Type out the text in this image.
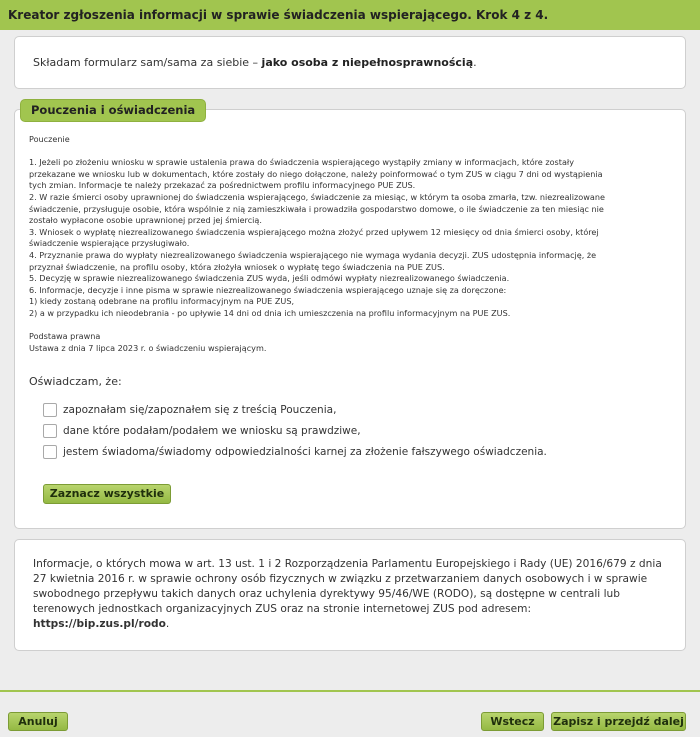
Kreator zgłoszenia informacji w sprawie świadczenia wspierającego. Krok 4 z 4.
Składam formularz sam/sama za siebie – jako osoba z niepełnosprawnością.
Pouczenia i oświadczenia

Pouczenie

1. Jeżeli po złożeniu wniosku w sprawie ustalenia prawa do świadczenia wspierającego wystąpiły zmiany w informacjach, które zostały

przekazane we wniosku lub w dokumentach, które zostały do niego dołączone, należy poinformować o tym ZUS w ciągu 7 dni od wystąpienia

tych zmian. Informacje te należy przekazać za pośrednictwem profilu informacyjnego PUE ZUS.

2. W razie śmierci osoby uprawnionej do świadczenia wspierającego, świadczenie za miesiąc, w którym ta osoba zmarła, tzw. niezrealizowane

świadczenie, przysługuje osobie, która wspólnie z nią zamieszkiwała i prowadziła gospodarstwo domowe, o ile świadczenie za ten miesiąc nie

zostało wypłacone osobie uprawnionej przed jej śmiercią.

3. Wniosek o wypłatę niezrealizowanego świadczenia wspierającego można złożyć przed upływem 12 miesięcy od dnia śmierci osoby, której

świadczenie wspierające przysługiwało.

4. Przyznanie prawa do wypłaty niezrealizowanego świadczenia wspierającego nie wymaga wydania decyzji. ZUS udostępnia informację, że

przyznał świadczenie, na profilu osoby, która złożyła wniosek o wypłatę tego świadczenia na PUE ZUS.

5. Decyzję w sprawie niezrealizowanego świadczenia ZUS wyda, jeśli odmówi wypłaty niezrealizowanego świadczenia.

6. Informacje, decyzje i inne pisma w sprawie niezrealizowanego świadczenia wspierającego uznaje się za doręczone:

1) kiedy zostaną odebrane na profilu informacyjnym na PUE ZUS,

2) a w przypadku ich nieodebrania - po upływie 14 dni od dnia ich umieszczenia na profilu informacyjnym na PUE ZUS.

Podstawa prawna

Ustawa z dnia 7 lipca 2023 r. o świadczeniu wspierającym.

Oświadczam, że:
zapoznałam się/zapoznałem się z treścią Pouczenia,
dane które podałam/podałem we wniosku są prawdziwe,
jestem świadoma/świadomy odpowiedzialności karnej za złożenie fałszywego oświadczenia.
Zaznacz wszystkie
Informacje, o których mowa w art. 13 ust. 1 i 2 Rozporządzenia Parlamentu Europejskiego i Rady (UE) 2016/679 z dnia 27 kwietnia 2016 r. w sprawie ochrony osób fizycznych w związku z przetwarzaniem danych osobowych i w sprawie swobodnego przepływu takich danych oraz uchylenia dyrektywy 95/46/WE (RODO), są dostępne w centrali lub terenowych jednostkach organizacyjnych ZUS oraz na stronie internetowej ZUS pod adresem:
https://bip.zus.pl/rodo.
Anuluj	Wstecz	Zapisz i przejdź dalej
